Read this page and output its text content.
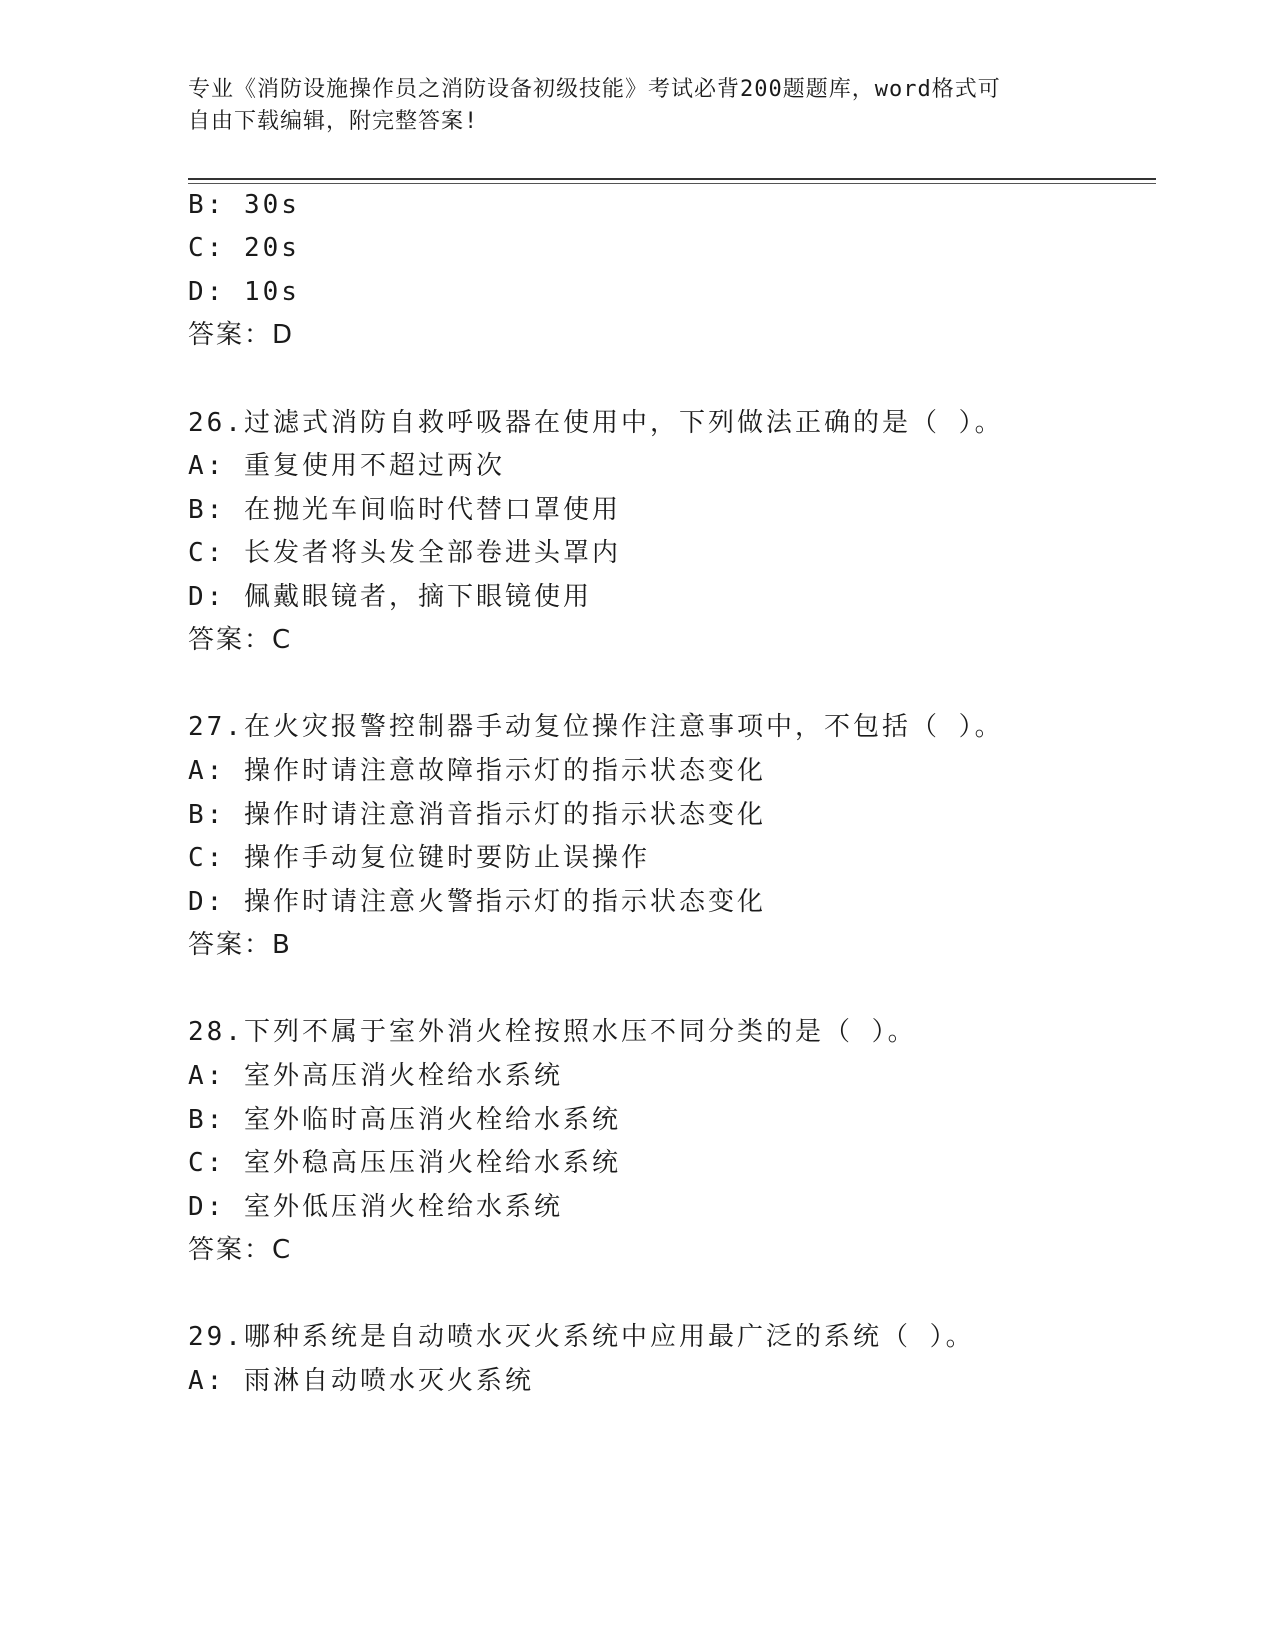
专业《消防设施操作员之消防设备初级技能》考试必背200题题库，word格式可
自由下载编辑，附完整答案!
B: 30s
C: 20s
D: 10s
答案：D
26.过滤式消防自救呼吸器在使用中，下列做法正确的是（ ）。
A: 重复使用不超过两次
B: 在抛光车间临时代替口罩使用
C: 长发者将头发全部卷进头罩内
D: 佩戴眼镜者，摘下眼镜使用
答案：C
27.在火灾报警控制器手动复位操作注意事项中，不包括（ ）。
A: 操作时请注意故障指示灯的指示状态变化
B: 操作时请注意消音指示灯的指示状态变化
C: 操作手动复位键时要防止误操作
D: 操作时请注意火警指示灯的指示状态变化
答案：B
28.下列不属于室外消火栓按照水压不同分类的是（ ）。
A: 室外高压消火栓给水系统
B: 室外临时高压消火栓给水系统
C: 室外稳高压压消火栓给水系统
D: 室外低压消火栓给水系统
答案：C
29.哪种系统是自动喷水灭火系统中应用最广泛的系统（ ）。
A: 雨淋自动喷水灭火系统
